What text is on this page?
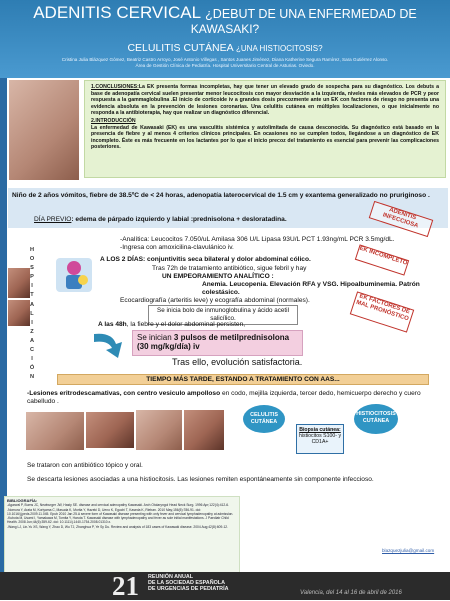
ADENITIS CERVICAL ¿DEBUT DE UNA ENFERMEDAD DE
KAWASAKI?
CELULITIS CUTÁNEA ¿UNA HISTIOCITOSIS?
Cristina Julia Blázquez Gómez, Beatriz Castro Arroyo, José Antonio Villegas , Santos Juanes Jiménez, Diana Katherine Segura Ramírez, Sara Gutiérrez Alonso.
Área de Gestión Clínica de Pediatría. Hospital Universitario Central de Asturias. Oviedo.
1.CONCLUSIONES:La EK presenta formas incompletas, hay que tener un elevado grado de sospecha para su diagnóstico. Los debuts a base de adenopatía cervical suelen presentar menor leucocitosis con mayor desviación a la izquierda, niveles más elevados de PCR y peor respuesta a la gammaglobulina .El inicio de corticoide iv a grandes dosis precozmente ante un EK con factores de riesgo no presenta una evidencia absoluta en la prevención de lesiones coronarias. Una celulitis cutánea en múltiples localizaciones, o que inicialmente no responda a la antibioterapia, hay que realizar un diagnóstico diferencial.
2.INTRODUCCIÓN
La enfermedad de Kawasaki (EK) es una vasculitis sistémica y autolimitada de causa desconocida. Su diagnóstico está basado en la presencia de fiebre y al menos 4 criterios clínicos principales. En ocasiones no se cumplen todos, llegándose a un diagnóstico de EK incompleto. Éste es más frecuente en los lactantes por lo que el inicio precoz del tratamiento es esencial para prevenir las complicaciones posteriores.
Niño de 2 años vómitos, fiebre de 38.5ºC de < 24 horas, adenopatía laterocervical de 1.5 cm y exantema generalizado no pruriginoso .
DÍA PREVIO: edema de párpado izquierdo y labial :prednisolona + desloratadina.	ADENITIS INFECCIOSA
-Analítica: Leucocitos 7.050/uL Amilasa 306 U/L Lipasa 93U/L PCT 1.93ng/mL PCR 3.5mg/dL.
-Ingresa con amoxicilina-clavulánico iv.
H
O
S
P
I
T
A
L
I
Z
A
C
I
Ó
N
A LOS 2 DÍAS: conjuntivitis seca bilateral y dolor abdominal cólico.	EK INCOMPLETO
Tras 72h de tratamiento antibiótico, sigue febril y hay
UN EMPEORAMIENTO ANALÍTICO :
Anemia. Leucopenia. Elevación RFA y VSG. Hipoalbuminemia. Patrón colestásico.
Ecocardiografía (arteritis leve) y ecografía abdominal (normales).
Se inicia bolo de inmunoglobulina y ácido acetil salicílico.
EK FACTORES DE MAL PRONÓSTICO
A las 48h, la fiebre y el dolor abdominal persisten,
Se inician 3 pulsos de metilprednisolona (30 mg/kg/día) iv
Tras ello, evolución satisfactoria.
TIEMPO MÁS TARDE, ESTANDO A TRATAMIENTO CON AAS...
-Lesiones eritrodescamativas, con centro vesiculo ampolloso en codo, mejilla izquierda, tercer dedo, hemicuerpo derecho y cuero cabelludo .
CELULITIS CUTÁNEA
HISTIOCITOSIS CUTÁNEA
Biopsia cutánea:
histiocitos S100- y CD1A+
Se trataron con antibiótico tópico y oral.
Se descarta lesiones asociadas a una histiocitosis. Las lesiones remiten espontáneamente sin componente infeccioso.
BIBLIOGRAFÍA:
-Agarwal P, Burns JC, Newburger JW, Hasty SE. disease and cervical adenopathy Kawasaki. Arch Otolaryngol Head Neck Surg. 1996 Apr;122(4):412-6.
-Nomura Y, Arata M, Koriyama C, Masuda K, Morita Y, Hazeki D, Ueno K, Eguchi T, Kaseda K, Rieban. 2010 May;156(5):786-91. doi: 10.1016/j.jpeds.2009.11.045. Epub 2010 Jan 25.A severe form of Kawasaki disease presenting with only fever and cervical lymphadenopathy at admission.
-Kubota M, Usami I, Yamakawa M, Tomita Y, Haruta T. Kawasaki disease with lymphadenopathy and fever as sole initial manifestations. J Paediatr Child Health. 2008 Jun;44(6):359-62. doi: 10.1111/j.1440-1754.2008.01310.x.
-Wang LJ, Lin-Yu XS, Wang Y, Zhao D, Wu TJ, Zhanghua P, Ye Sy Du. Review and analysis of 183 cases of Kawasaki disease. 2004 Aug;42(8):609-12.
blazquezjulia@gmail.com
21 REUNIÓN ANUAL
DE LA SOCIEDAD ESPAÑOLA
DE URGENCIAS DE PEDIATRÍA
Valencia, del 14 al 16 de abril de 2016
